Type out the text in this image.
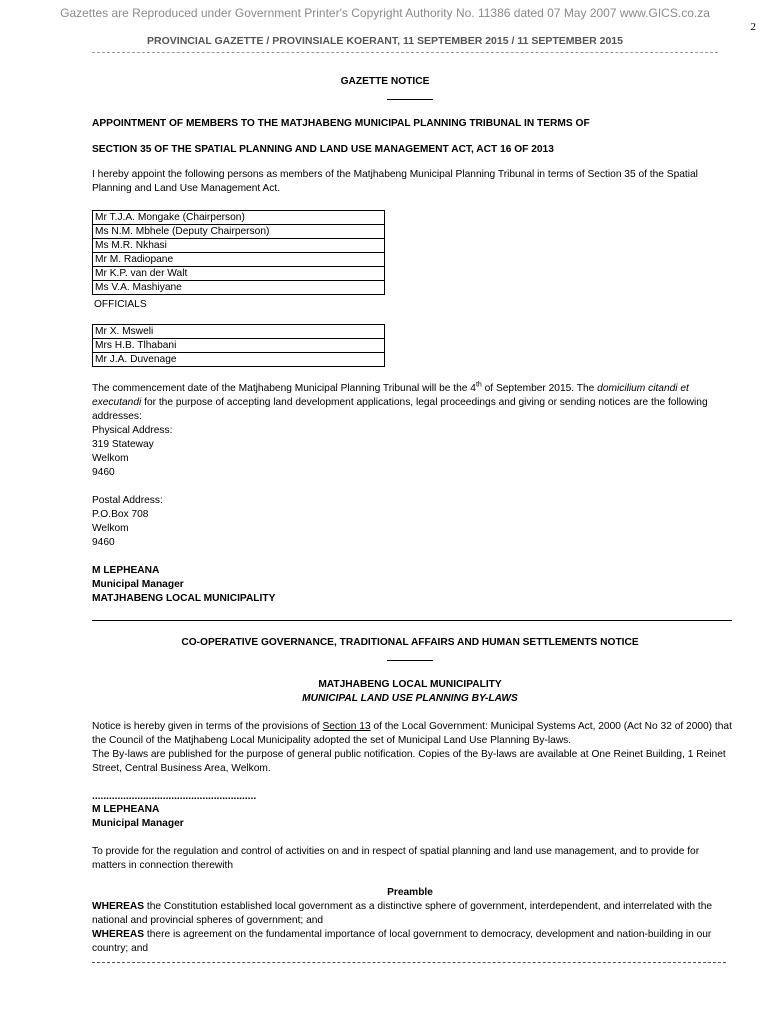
Gazettes are Reproduced under Government Printer's Copyright Authority No. 11386 dated 07 May 2007 www.GICS.co.za
2
PROVINCIAL GAZETTE / PROVINSIALE KOERANT, 11 SEPTEMBER 2015 / 11 SEPTEMBER 2015
GAZETTE NOTICE
APPOINTMENT OF MEMBERS TO THE MATJHABENG MUNICIPAL PLANNING TRIBUNAL IN TERMS OF
SECTION 35 OF THE SPATIAL PLANNING AND LAND USE MANAGEMENT ACT, ACT 16 OF 2013

I hereby appoint the following persons as members of the Matjhabeng Municipal Planning Tribunal in terms of Section 35 of the Spatial Planning and Land Use Management Act.

Mr T.J.A. Mongake (Chairperson)
Ms N.M. Mbhele (Deputy Chairperson)
Ms M.R. Nkhasi
Mr M. Radiopane
Mr K.P. van der Walt
Ms V.A. Mashiyane
OFFICIALS
Mr X. Msweli
Mrs H.B. Tlhabani
Mr J.A. Duvenage

The commencement date of the Matjhabeng Municipal Planning Tribunal will be the 4th of September 2015. The domicilium citandi et executandi for the purpose of accepting land development applications, legal proceedings and giving or sending notices are the following addresses:

Physical Address:
319 Stateway
Welkom
9460
Postal Address:
P.O.Box 708
Welkom
9460
M LEPHEANA
Municipal Manager
MATJHABENG LOCAL MUNICIPALITY
CO-OPERATIVE GOVERNANCE, TRADITIONAL AFFAIRS AND HUMAN SETTLEMENTS NOTICE
MATJHABENG LOCAL MUNICIPALITY
MUNICIPAL LAND USE PLANNING BY-LAWS

Notice is hereby given in terms of the provisions of Section 13 of the Local Government: Municipal Systems Act, 2000 (Act No 32 of 2000) that the Council of the Matjhabeng Local Municipality adopted the set of Municipal Land Use Planning By-laws.

The By-laws are published for the purpose of general public notification. Copies of the By-laws are available at One Reinet Building, 1 Reinet Street, Central Business Area, Welkom.

..........................................................
M LEPHEANA
Municipal Manager

To provide for the regulation and control of activities on and in respect of spatial planning and land use management, and to provide for matters in connection therewith

Preamble

WHEREAS the Constitution established local government as a distinctive sphere of government, interdependent, and interrelated with the national and provincial spheres of government; and

WHEREAS there is agreement on the fundamental importance of local government to democracy, development and nation-building in our country; and
